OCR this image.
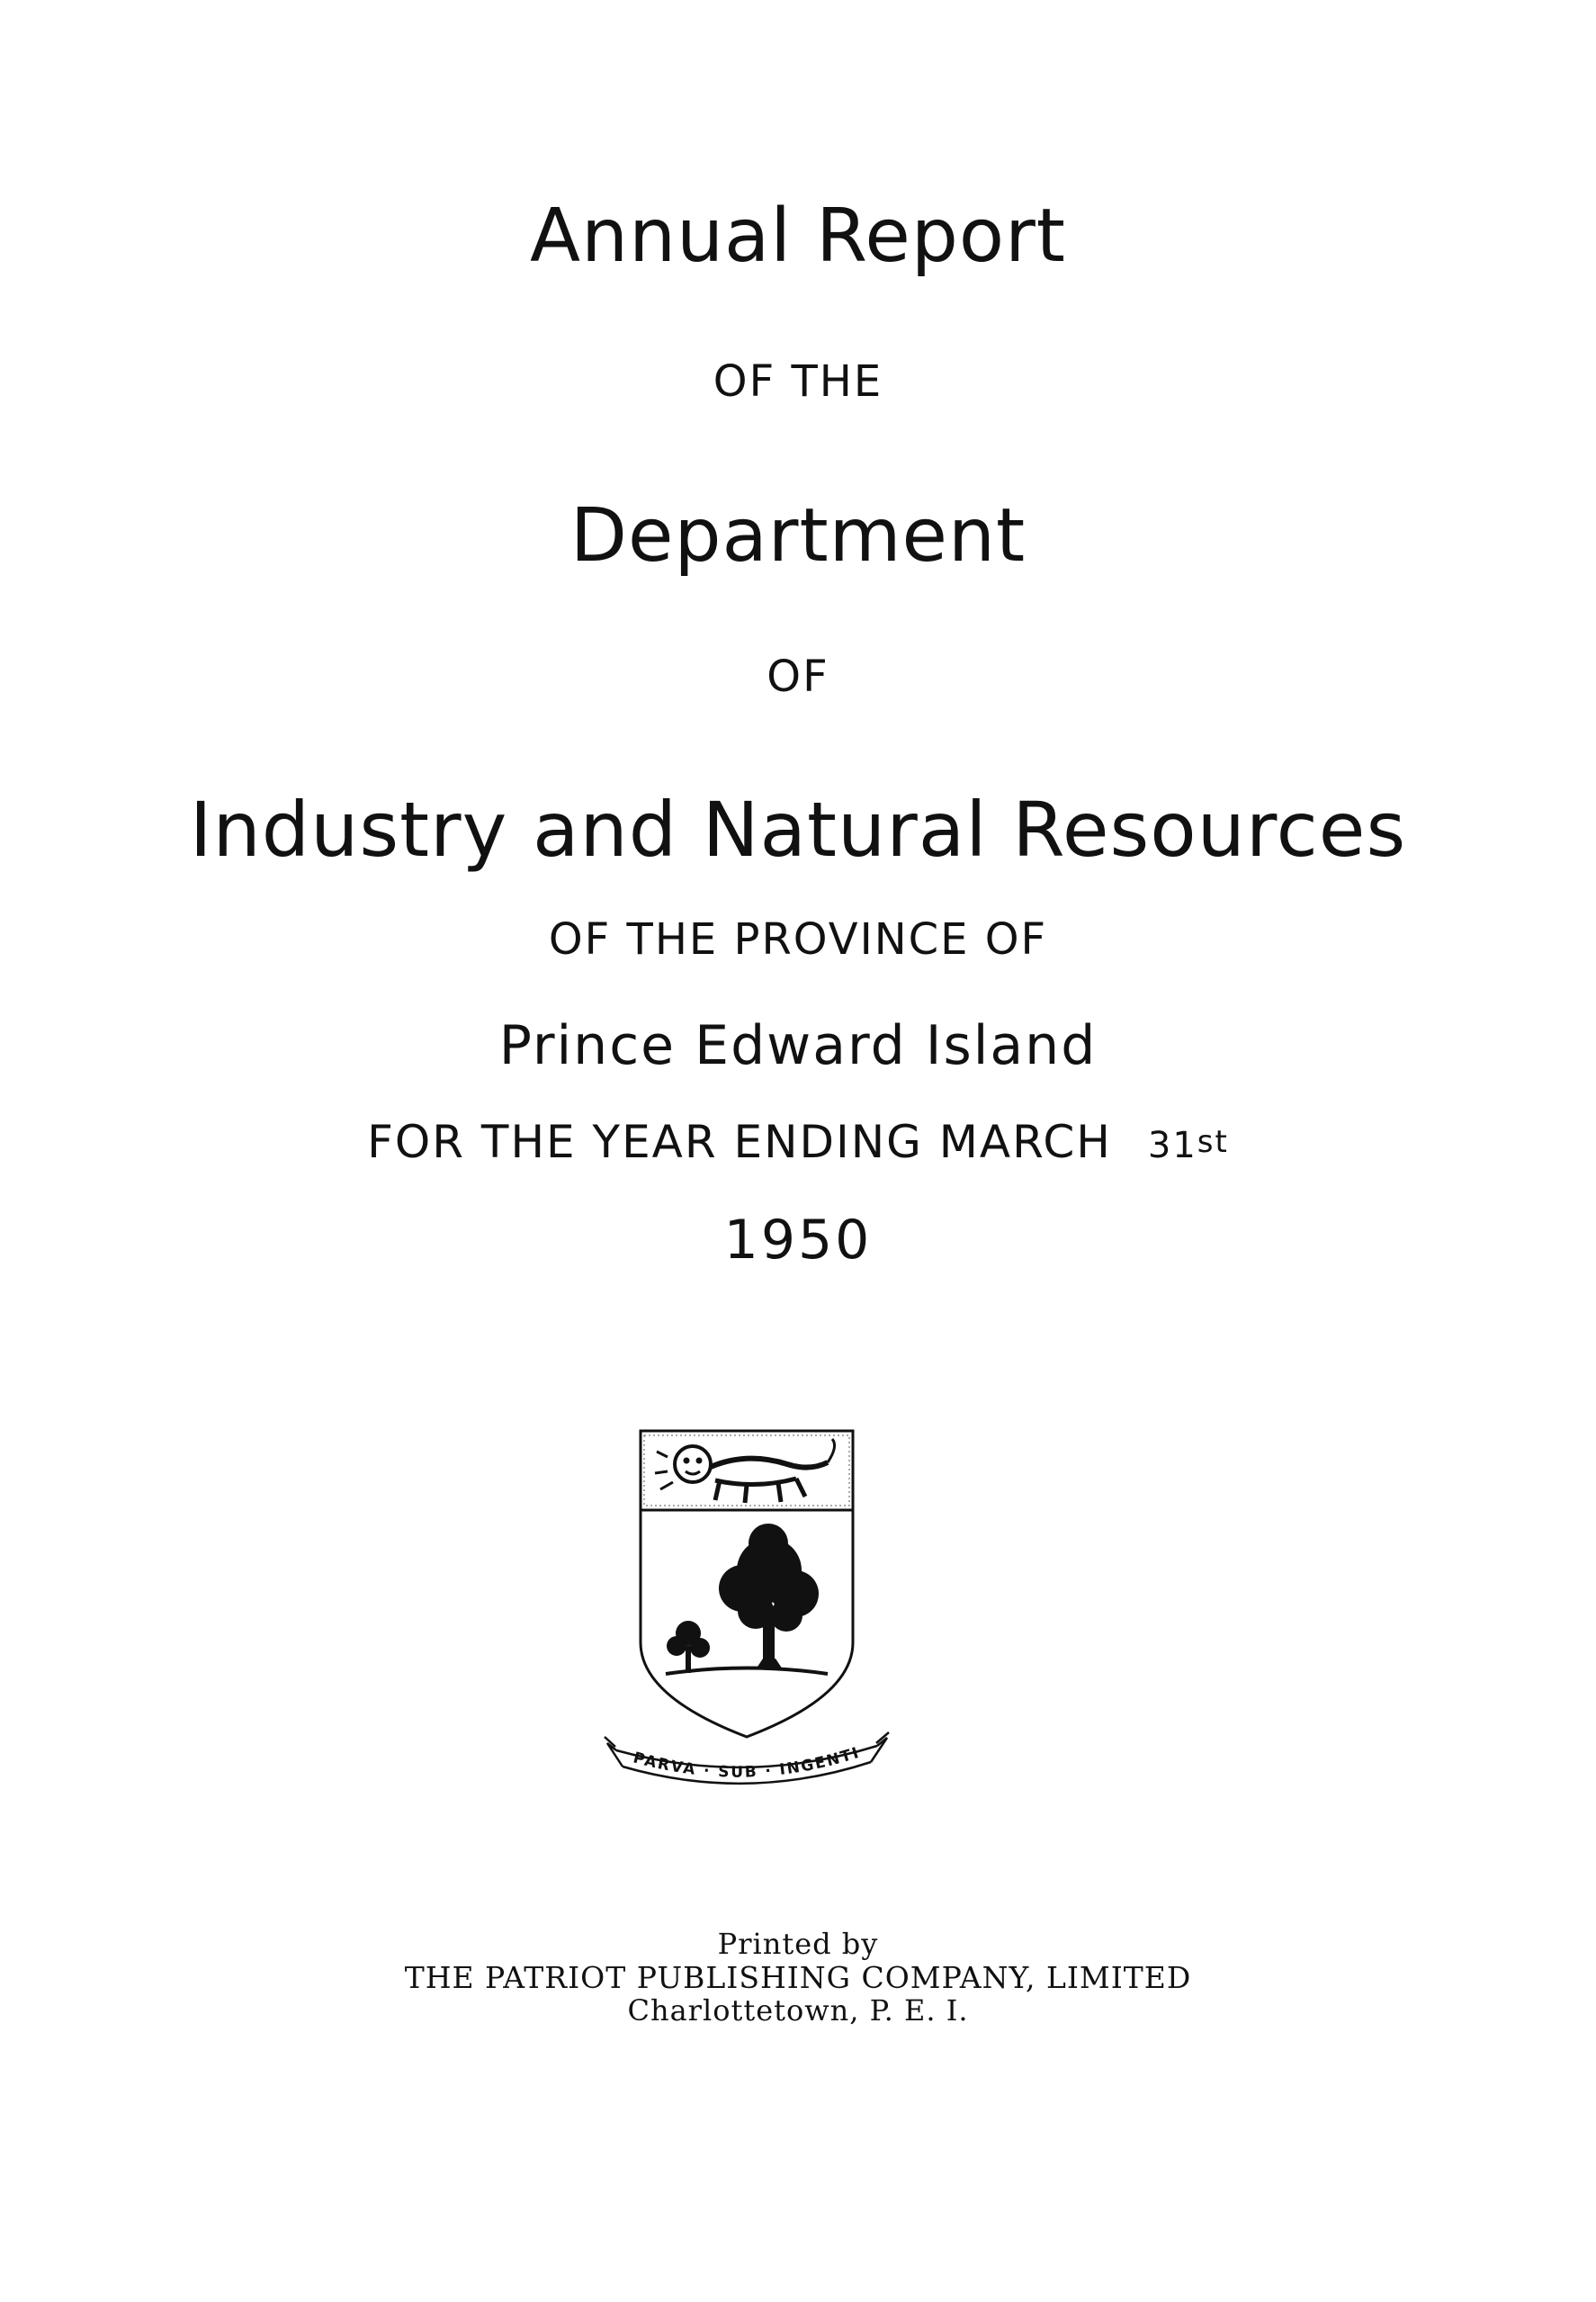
Annual Report
OF THE
Department
OF
Industry and Natural Resources
OF THE PROVINCE OF
Prince Edward Island
FOR THE YEAR ENDING MARCH 31st
1950
PARVA · SUB · INGENTI
Printed by
THE PATRIOT PUBLISHING COMPANY, LIMITED
Charlottetown, P. E. I.
